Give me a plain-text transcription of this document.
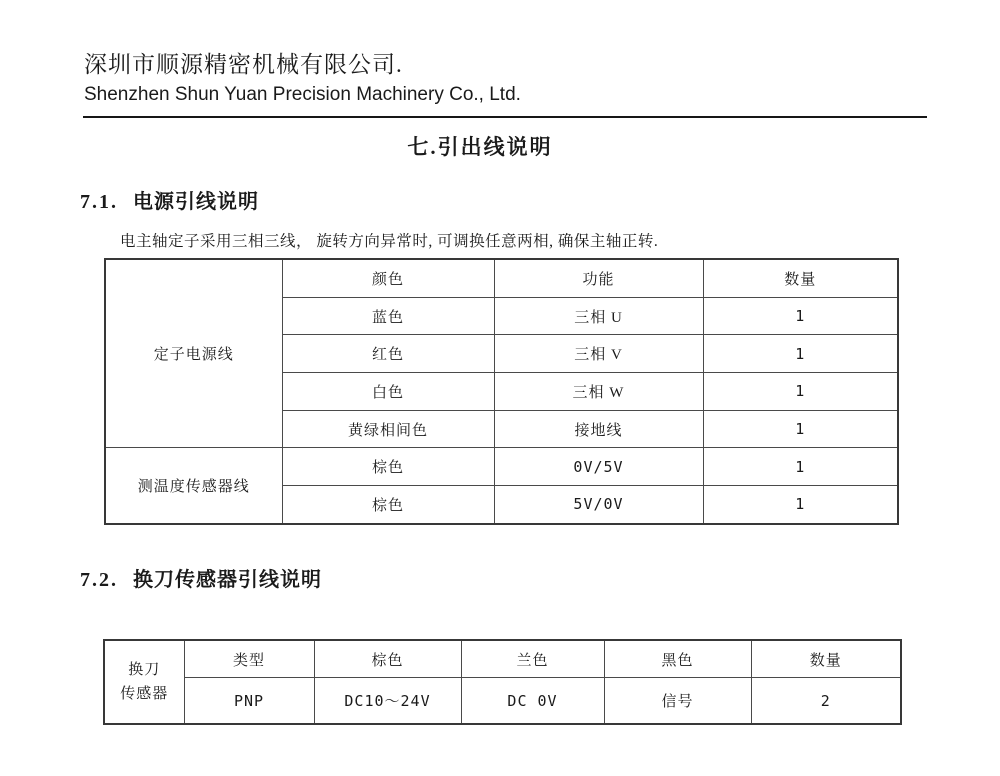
深圳市顺源精密机械有限公司.
Shenzhen Shun Yuan Precision Machinery Co., Ltd.
七.引出线说明
7.1. 电源引线说明
电主轴定子采用三相三线， 旋转方向异常时, 可调换任意两相, 确保主轴正转.
定子电源线	颜色	功能	数量
	蓝色	三相 U	1
	红色	三相 V	1
	白色	三相 W	1
	黄绿相间色	接地线	1
测温度传感器线	棕色	0V/5V	1
	棕色	5V/0V	1
7.2. 换刀传感器引线说明
换刀
传感器	类型	棕色	兰色	黑色	数量
	PNP	DC10～24V	DC 0V	信号	2
